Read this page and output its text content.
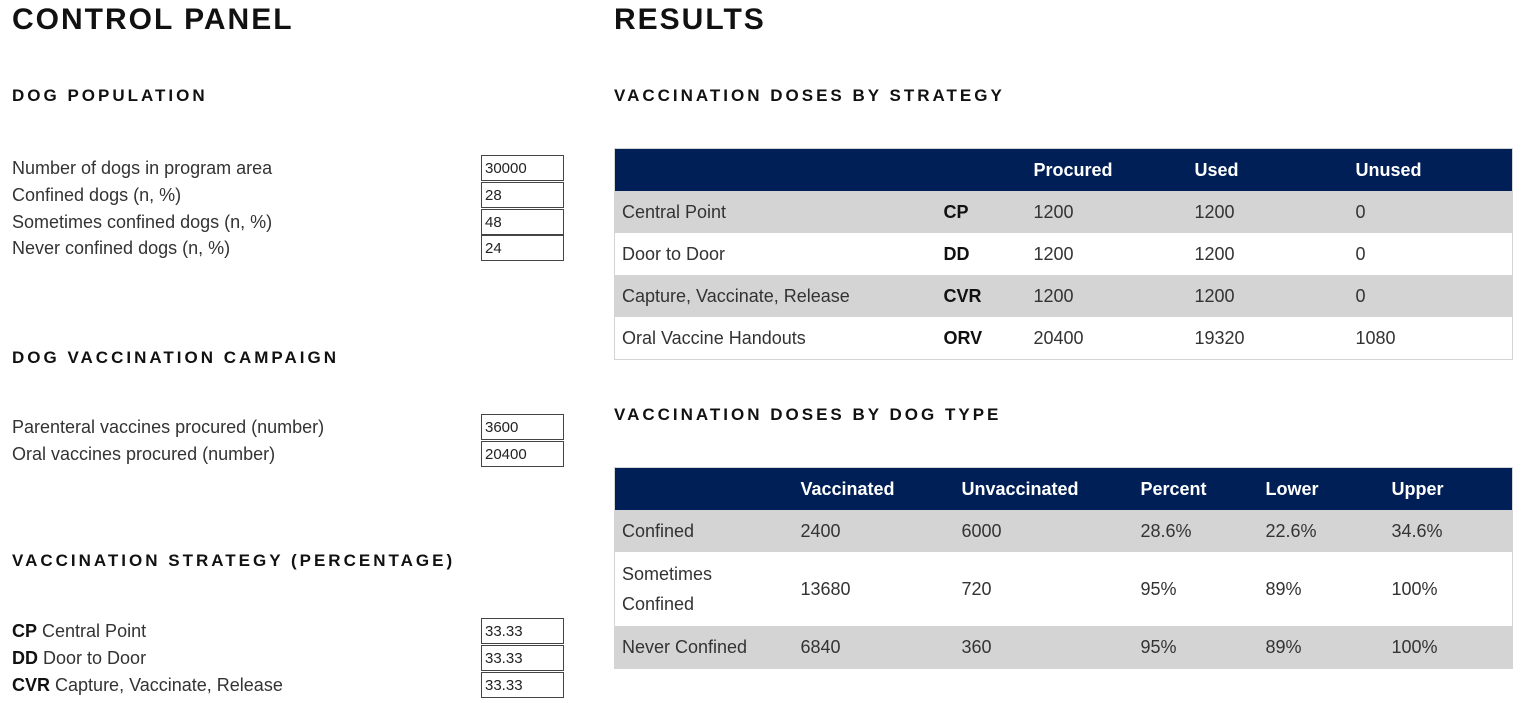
CONTROL PANEL
DOG POPULATION
Number of dogs in program area
30000
Confined dogs (n, %)
28
Sometimes confined dogs (n, %)
48
Never confined dogs (n, %)
24
DOG VACCINATION CAMPAIGN
Parenteral vaccines procured (number)
3600
Oral vaccines procured (number)
20400
VACCINATION STRATEGY (PERCENTAGE)
CP Central Point
33.33
DD Door to Door
33.33
CVR Capture, Vaccinate, Release
33.33
RESULTS
VACCINATION DOSES BY STRATEGY
		Procured	Used	Unused
Central Point	CP	1200	1200	0
Door to Door	DD	1200	1200	0
Capture, Vaccinate, Release	CVR	1200	1200	0
Oral Vaccine Handouts	ORV	20400	19320	1080
VACCINATION DOSES BY DOG TYPE
	Vaccinated	Unvaccinated	Percent	Lower	Upper
Confined	2400	6000	28.6%	22.6%	34.6%
Sometimes Confined	13680	720	95%	89%	100%
Never Confined	6840	360	95%	89%	100%
